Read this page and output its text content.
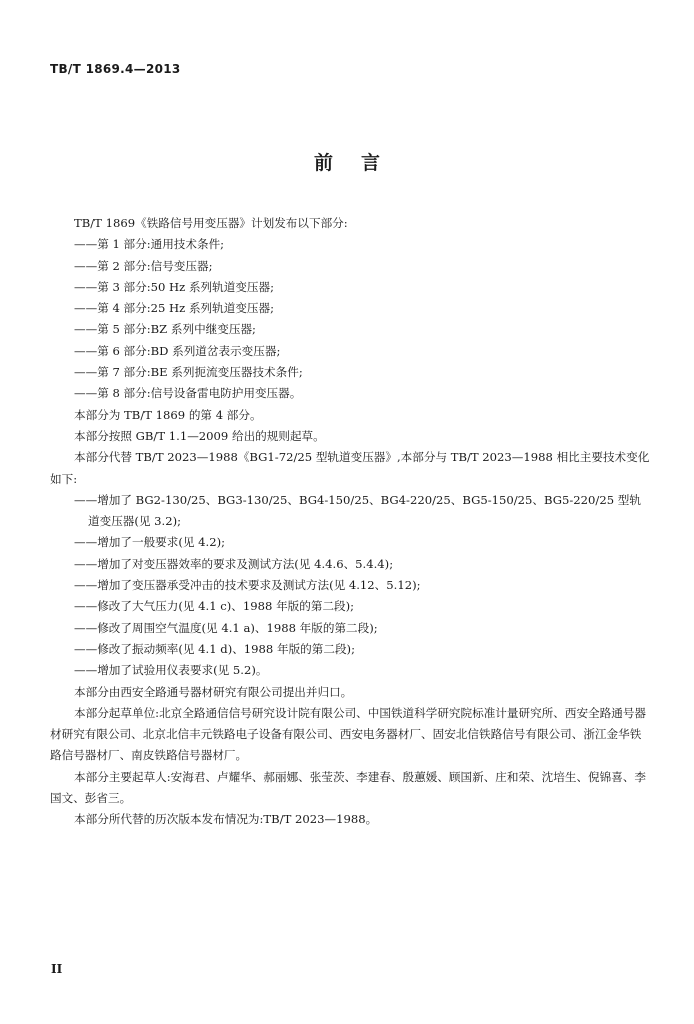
TB/T 1869.4—2013
前言

TB/T 1869《铁路信号用变压器》计划发布以下部分:

——第 1 部分:通用技术条件;

——第 2 部分:信号变压器;

——第 3 部分:50 Hz 系列轨道变压器;

——第 4 部分:25 Hz 系列轨道变压器;

——第 5 部分:BZ 系列中继变压器;

——第 6 部分:BD 系列道岔表示变压器;

——第 7 部分:BE 系列扼流变压器技术条件;

——第 8 部分:信号设备雷电防护用变压器。

本部分为 TB/T 1869 的第 4 部分。

本部分按照 GB/T 1.1—2009 给出的规则起草。

本部分代替 TB/T 2023—1988《BG1-72/25 型轨道变压器》,本部分与 TB/T 2023—1988 相比主要技术变化如下:

——增加了 BG2-130/25、BG3-130/25、BG4-150/25、BG4-220/25、BG5-150/25、BG5-220/25 型轨道变压器(见 3.2);

——增加了一般要求(见 4.2);

——增加了对变压器效率的要求及测试方法(见 4.4.6、5.4.4);

——增加了变压器承受冲击的技术要求及测试方法(见 4.12、5.12);

——修改了大气压力(见 4.1 c)、1988 年版的第二段);

——修改了周围空气温度(见 4.1 a)、1988 年版的第二段);

——修改了振动频率(见 4.1 d)、1988 年版的第二段);

——增加了试验用仪表要求(见 5.2)。

本部分由西安全路通号器材研究有限公司提出并归口。

本部分起草单位:北京全路通信信号研究设计院有限公司、中国铁道科学研究院标准计量研究所、西安全路通号器材研究有限公司、北京北信丰元铁路电子设备有限公司、西安电务器材厂、固安北信铁路信号有限公司、浙江金华铁路信号器材厂、南皮铁路信号器材厂。

本部分主要起草人:安海君、卢耀华、郝丽娜、张莹茨、李建春、殷蕙媛、顾国新、庄和荣、沈培生、倪锦喜、李国文、彭省三。

本部分所代替的历次版本发布情况为:TB/T 2023—1988。

II
